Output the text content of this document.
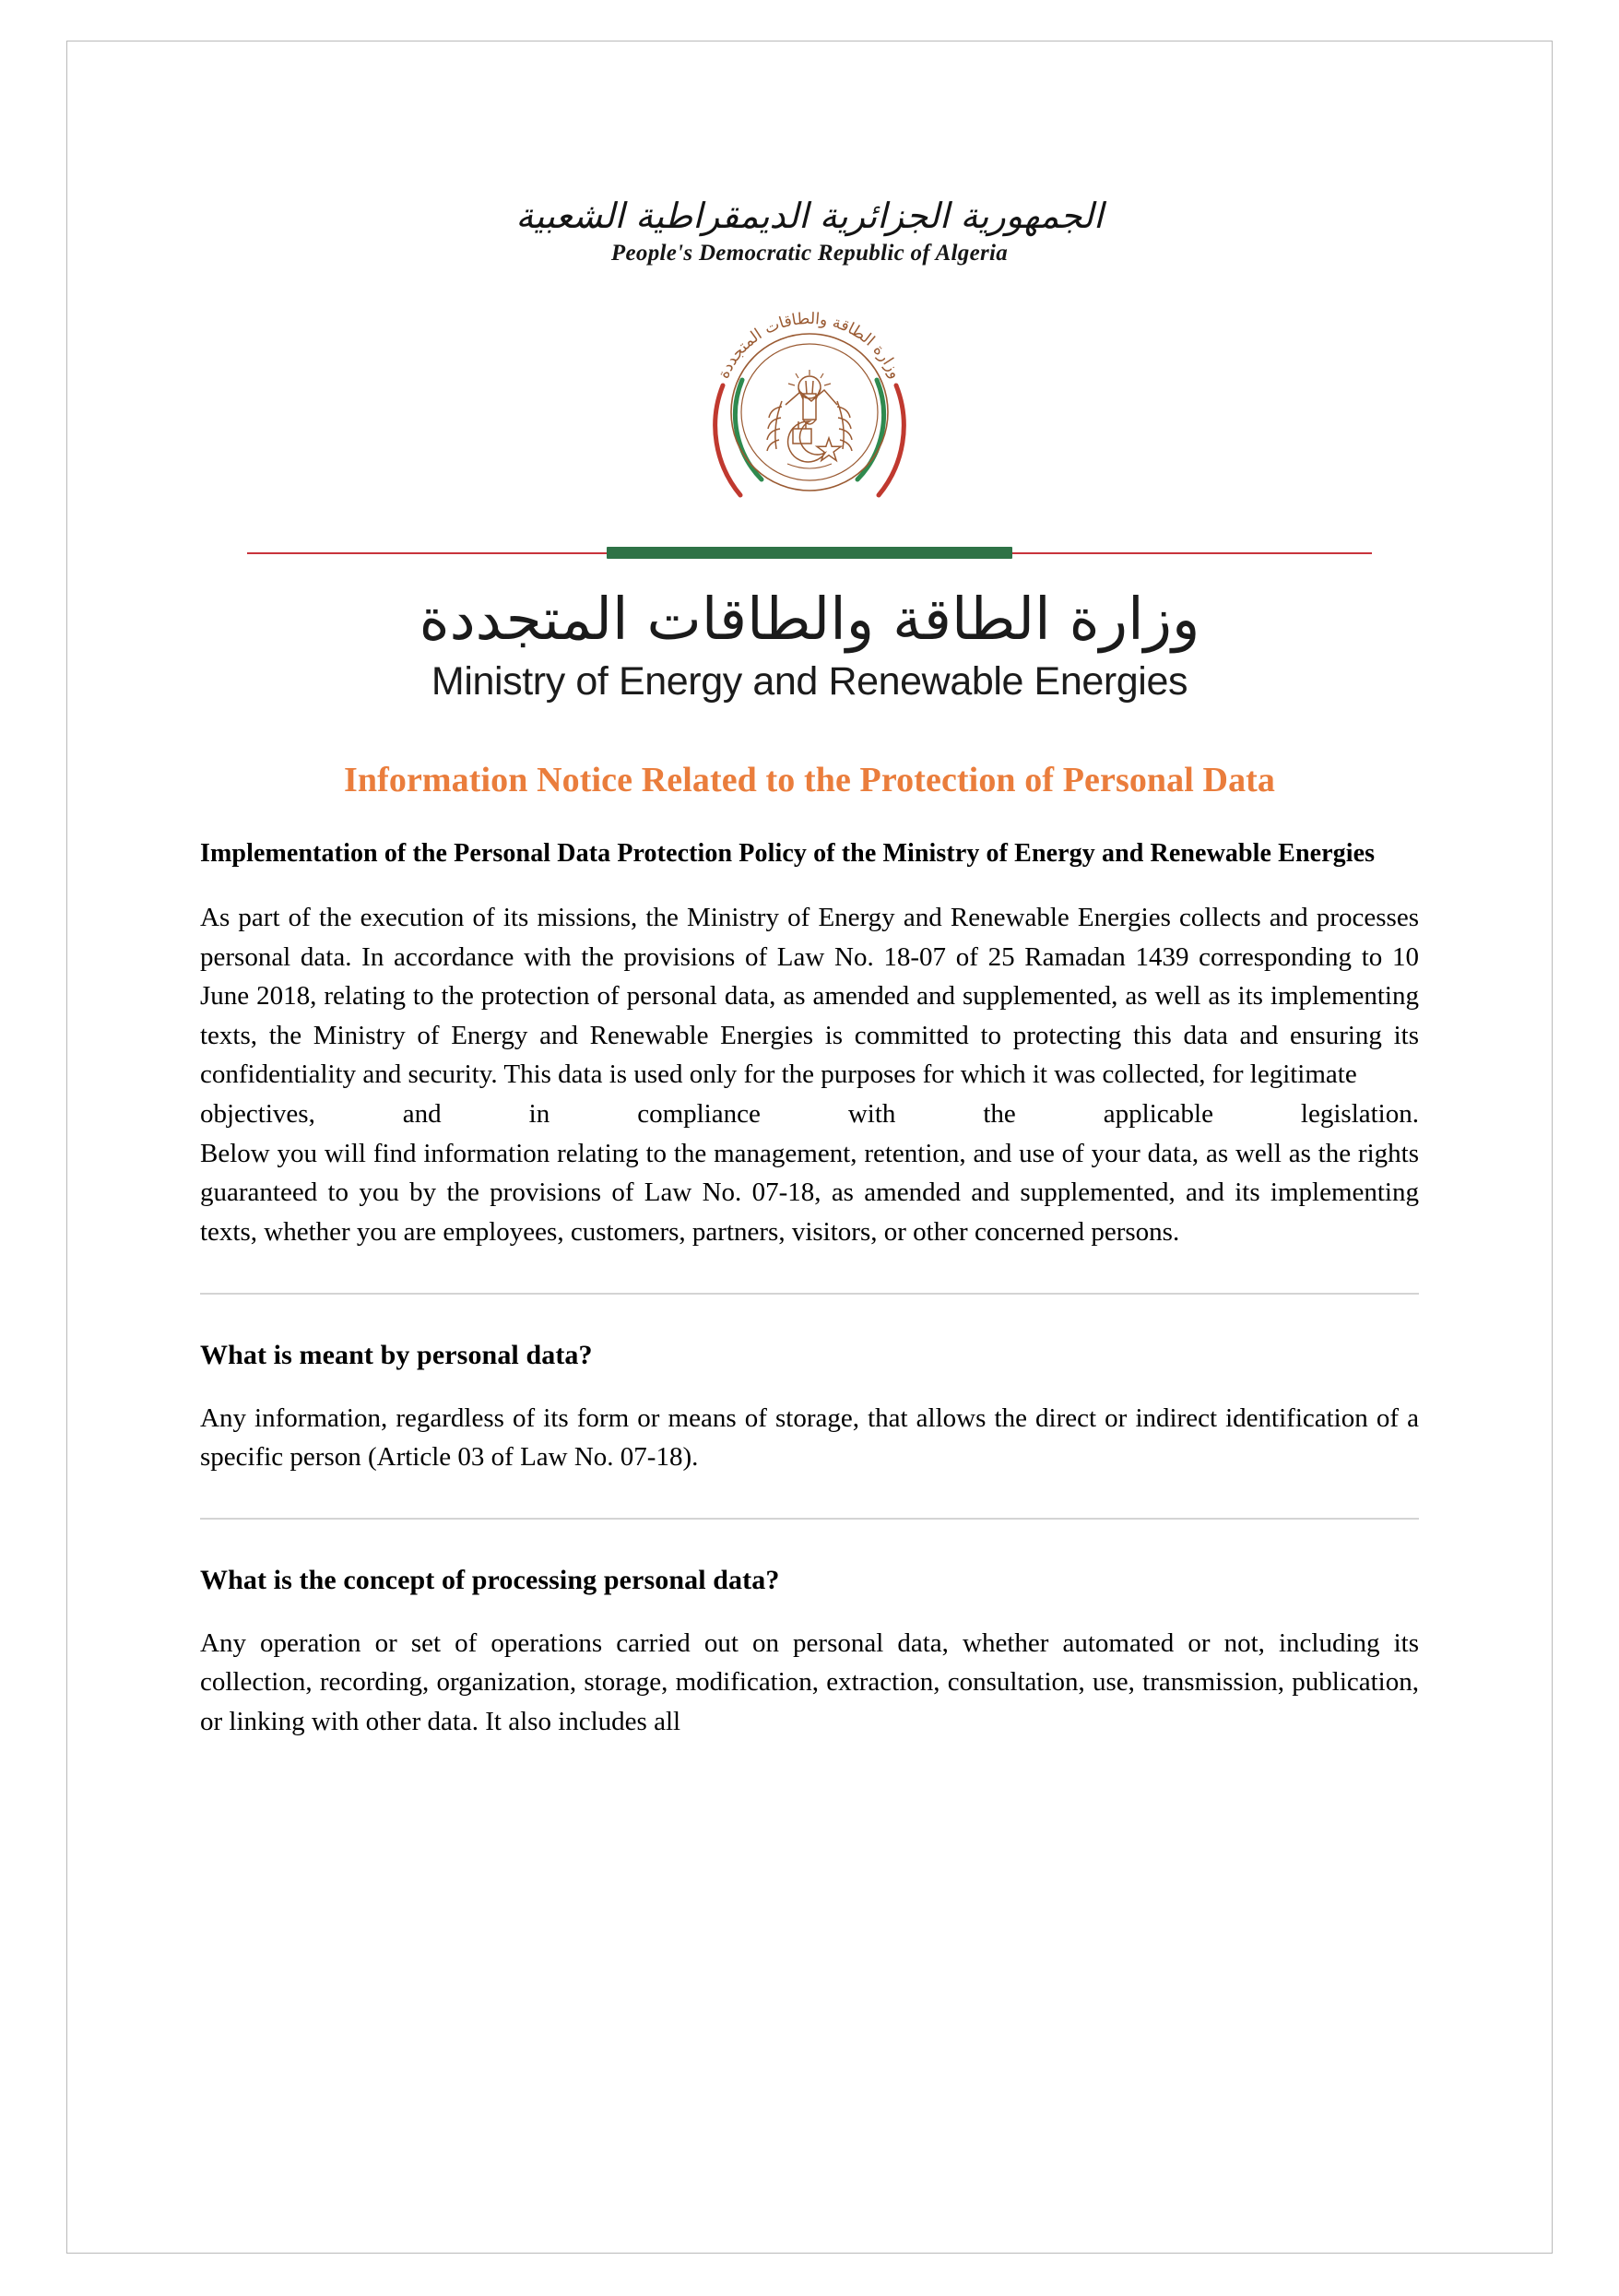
الجمهورية الجزائرية الديمقراطية الشعبية
People's Democratic Republic of Algeria
وزارة الطاقة والطاقات المتجددة
وزارة الطاقة والطاقات المتجددة
Ministry of Energy and Renewable Energies
Information Notice Related to the Protection of Personal Data
Implementation of the Personal Data Protection Policy of the Ministry of Energy and Renewable Energies

As part of the execution of its missions, the Ministry of Energy and Renewable Energies collects and processes personal data. In accordance with the provisions of Law No. 18-07 of 25 Ramadan 1439 corresponding to 10 June 2018, relating to the protection of personal data, as amended and supplemented, as well as its implementing texts, the Ministry of Energy and Renewable Energies is committed to protecting this data and ensuring its confidentiality and security. This data is used only for the purposes for which it was collected, for legitimate
objectives, and in compliance with the applicable legislation.
Below you will find information relating to the management, retention, and use of your data, as well as the rights guaranteed to you by the provisions of Law No. 07-18, as amended and supplemented, and its implementing texts, whether you are employees, customers, partners, visitors, or other concerned persons.

What is meant by personal data?

Any information, regardless of its form or means of storage, that allows the direct or indirect identification of a specific person (Article 03 of Law No. 07-18).

What is the concept of processing personal data?

Any operation or set of operations carried out on personal data, whether automated or not, including its collection, recording, organization, storage, modification, extraction, consultation, use, transmission, publication, or linking with other data. It also includes all
